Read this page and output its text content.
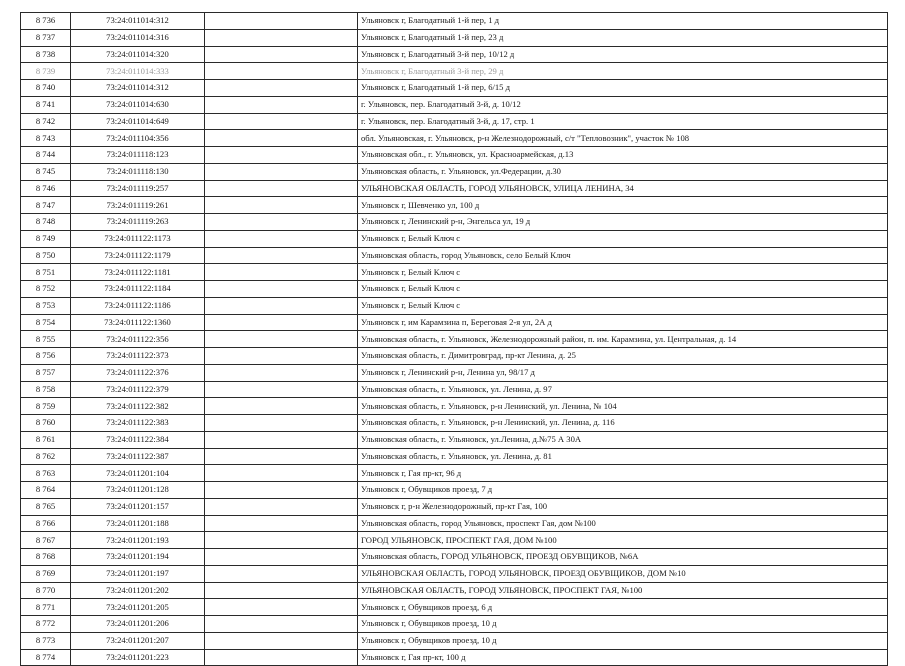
8 736	73:24:011014:312		Ульяновск г, Благодатный 1-й пер, 1 д
8 737	73:24:011014:316		Ульяновск г, Благодатный 1-й пер, 23 д
8 738	73:24:011014:320		Ульяновск г, Благодатный 3-й пер, 10/12 д
8 739	73:24:011014:333		Ульяновск г, Благодатный 3-й пер, 29 д
8 740	73:24:011014:312		Ульяновск г, Благодатный 1-й пер, 6/15 д
8 741	73:24:011014:630		г. Ульяновск, пер. Благодатный 3-й, д. 10/12
8 742	73:24:011014:649		г. Ульяновск, пер. Благодатный 3-й, д. 17, стр. 1
8 743	73:24:011104:356		обл. Ульяновская, г. Ульяновск, р-н Железнодорожный, с/т "Тепловозник", участок № 108
8 744	73:24:011118:123		Ульяновская обл., г. Ульяновск, ул. Красноармейская, д.13
8 745	73:24:011118:130		Ульяновская область, г. Ульяновск, ул.Федерации, д.30
8 746	73:24:011119:257		УЛЬЯНОВСКАЯ ОБЛАСТЬ, ГОРОД УЛЬЯНОВСК, УЛИЦА ЛЕНИНА, 34
8 747	73:24:011119:261		Ульяновск г, Шевченко ул, 100 д
8 748	73:24:011119:263		Ульяновск г, Ленинский р-н, Энгельса ул, 19 д
8 749	73:24:011122:1173		Ульяновск г, Белый Ключ с
8 750	73:24:011122:1179		Ульяновская область, город Ульяновск, село Белый Ключ
8 751	73:24:011122:1181		Ульяновск г, Белый Ключ с
8 752	73:24:011122:1184		Ульяновск г, Белый Ключ с
8 753	73:24:011122:1186		Ульяновск г, Белый Ключ с
8 754	73:24:011122:1360		Ульяновск г, им Карамзина п, Береговая 2-я ул, 2А д
8 755	73:24:011122:356		Ульяновская область, г. Ульяновск, Железнодорожный район, п. им. Карамзина, ул. Центральная, д. 14
8 756	73:24:011122:373		Ульяновская область, г. Димитровград, пр-кт Ленина, д. 25
8 757	73:24:011122:376		Ульяновск г, Ленинский р-н, Ленина ул, 98/17 д
8 758	73:24:011122:379		Ульяновская область, г. Ульяновск, ул. Ленина, д. 97
8 759	73:24:011122:382		Ульяновская область, г. Ульяновск, р-н Ленинский, ул. Ленина, № 104
8 760	73:24:011122:383		Ульяновская область, г. Ульяновск, р-н Ленинский, ул. Ленина, д. 116
8 761	73:24:011122:384		Ульяновская область, г. Ульяновск, ул.Ленина, д.№75 А 30А
8 762	73:24:011122:387		Ульяновская область, г. Ульяновск, ул. Ленина, д. 81
8 763	73:24:011201:104		Ульяновск г, Гая пр-кт, 96 д
8 764	73:24:011201:128		Ульяновск г, Обувщиков проезд, 7 д
8 765	73:24:011201:157		Ульяновск г, р-н Железнодорожный, пр-кт Гая, 100
8 766	73:24:011201:188		Ульяновская область, город Ульяновск, проспект Гая, дом №100
8 767	73:24:011201:193		ГОРОД УЛЬЯНОВСК, ПРОСПЕКТ ГАЯ, ДОМ №100
8 768	73:24:011201:194		Ульяновская область, ГОРОД УЛЬЯНОВСК, ПРОЕЗД ОБУВЩИКОВ, №6А
8 769	73:24:011201:197		УЛЬЯНОВСКАЯ ОБЛАСТЬ, ГОРОД УЛЬЯНОВСК, ПРОЕЗД ОБУВЩИКОВ, ДОМ №10
8 770	73:24:011201:202		УЛЬЯНОВСКАЯ ОБЛАСТЬ, ГОРОД УЛЬЯНОВСК, ПРОСПЕКТ ГАЯ, №100
8 771	73:24:011201:205		Ульяновск г, Обувщиков проезд, 6 д
8 772	73:24:011201:206		Ульяновск г, Обувщиков проезд, 10 д
8 773	73:24:011201:207		Ульяновск г, Обувщиков проезд, 10 д
8 774	73:24:011201:223		Ульяновск г, Гая пр-кт, 100 д
